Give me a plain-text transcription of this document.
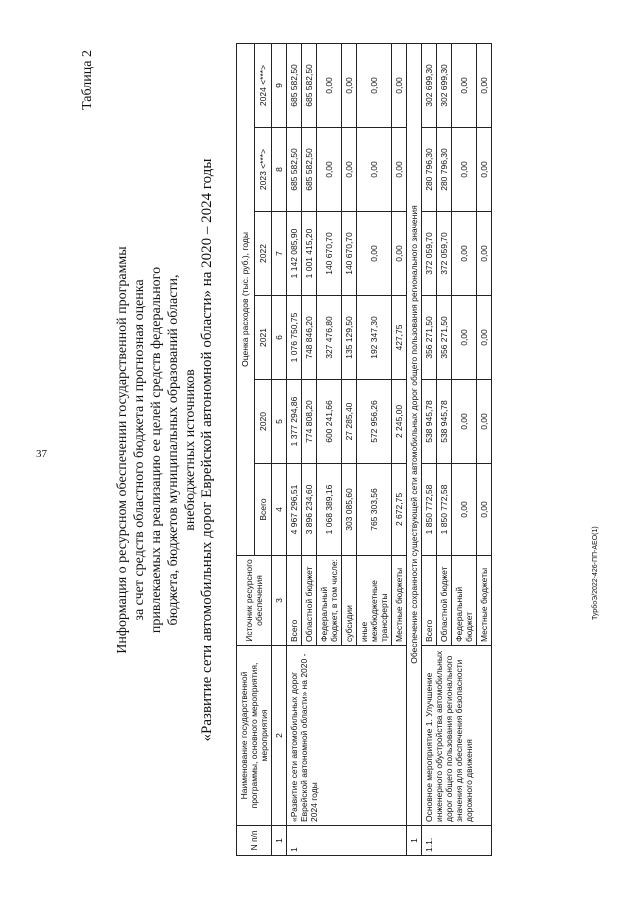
37
Таблица 2
Информация о ресурсном обеспечении государственной программы за счет средств областного бюджета и прогнозная оценка привлекаемых на реализацию ее целей средств федерального бюджета, бюджетов муниципальных образований области, внебюджетных источников «Развитие сети автомобильных дорог Еврейской автономной области» на 2020 – 2024 годы
N п/п	Наименование государственной программы, основного мероприятия, мероприятия	Источник ресурсного обеспечения	Оценка расходов (тыс. руб.), годы					
			Всего	2020	2021	2022	2023 <***>	2024 <***>
1	2	3	4	5	6	7	8	9
1	«Развитие сети автомобильных дорог Еврейской автономной области» на 2020 - 2024 годы	Всего	4 967 296,51	1 377 294,86	1 076 750,75	1 142 085,90	685 582,50	685 582,50
		Областной бюджет	3 896 234,60	774 808,20	748 846,20	1 001 415,20	685 582,50	685 582,50
		Федеральный бюджет, в том числе:	1 068 389,16	600 241,66	327 476,80	140 670,70	0,00	0,00
		субсидии	303 085,60	27 285,40	135 129,50	140 670,70	0,00	0,00
		иные межбюджетные трансферты	765 303,56	572 956,26	192 347,30	0,00	0,00	0,00
		Местные бюджеты	2 672,75	2 245,00	427,75	0,00	0,00	0,00
1	Обеспечение сохранности существующей сети автомобильных дорог общего пользования регионального значения							
1.1.	Основное мероприятие 1. Улучшение инженерного обустройства автомобильных дорог общего пользования регионального значения для обеспечения безопасности дорожного движения	Всего	1 850 772,58	538 945,78	356 271,50	372 059,70	280 796,30	302 699,30
		Областной бюджет	1 850 772,58	538 945,78	356 271,50	372 059,70	280 796,30	302 699,30
		Федеральный бюджет	0,00	0,00	0,00	0,00	0,00	0,00
		Местные бюджеты	0,00	0,00	0,00	0,00	0,00	0,00
ТурбоЭ/2022-426-ПП-АЕО(1)
